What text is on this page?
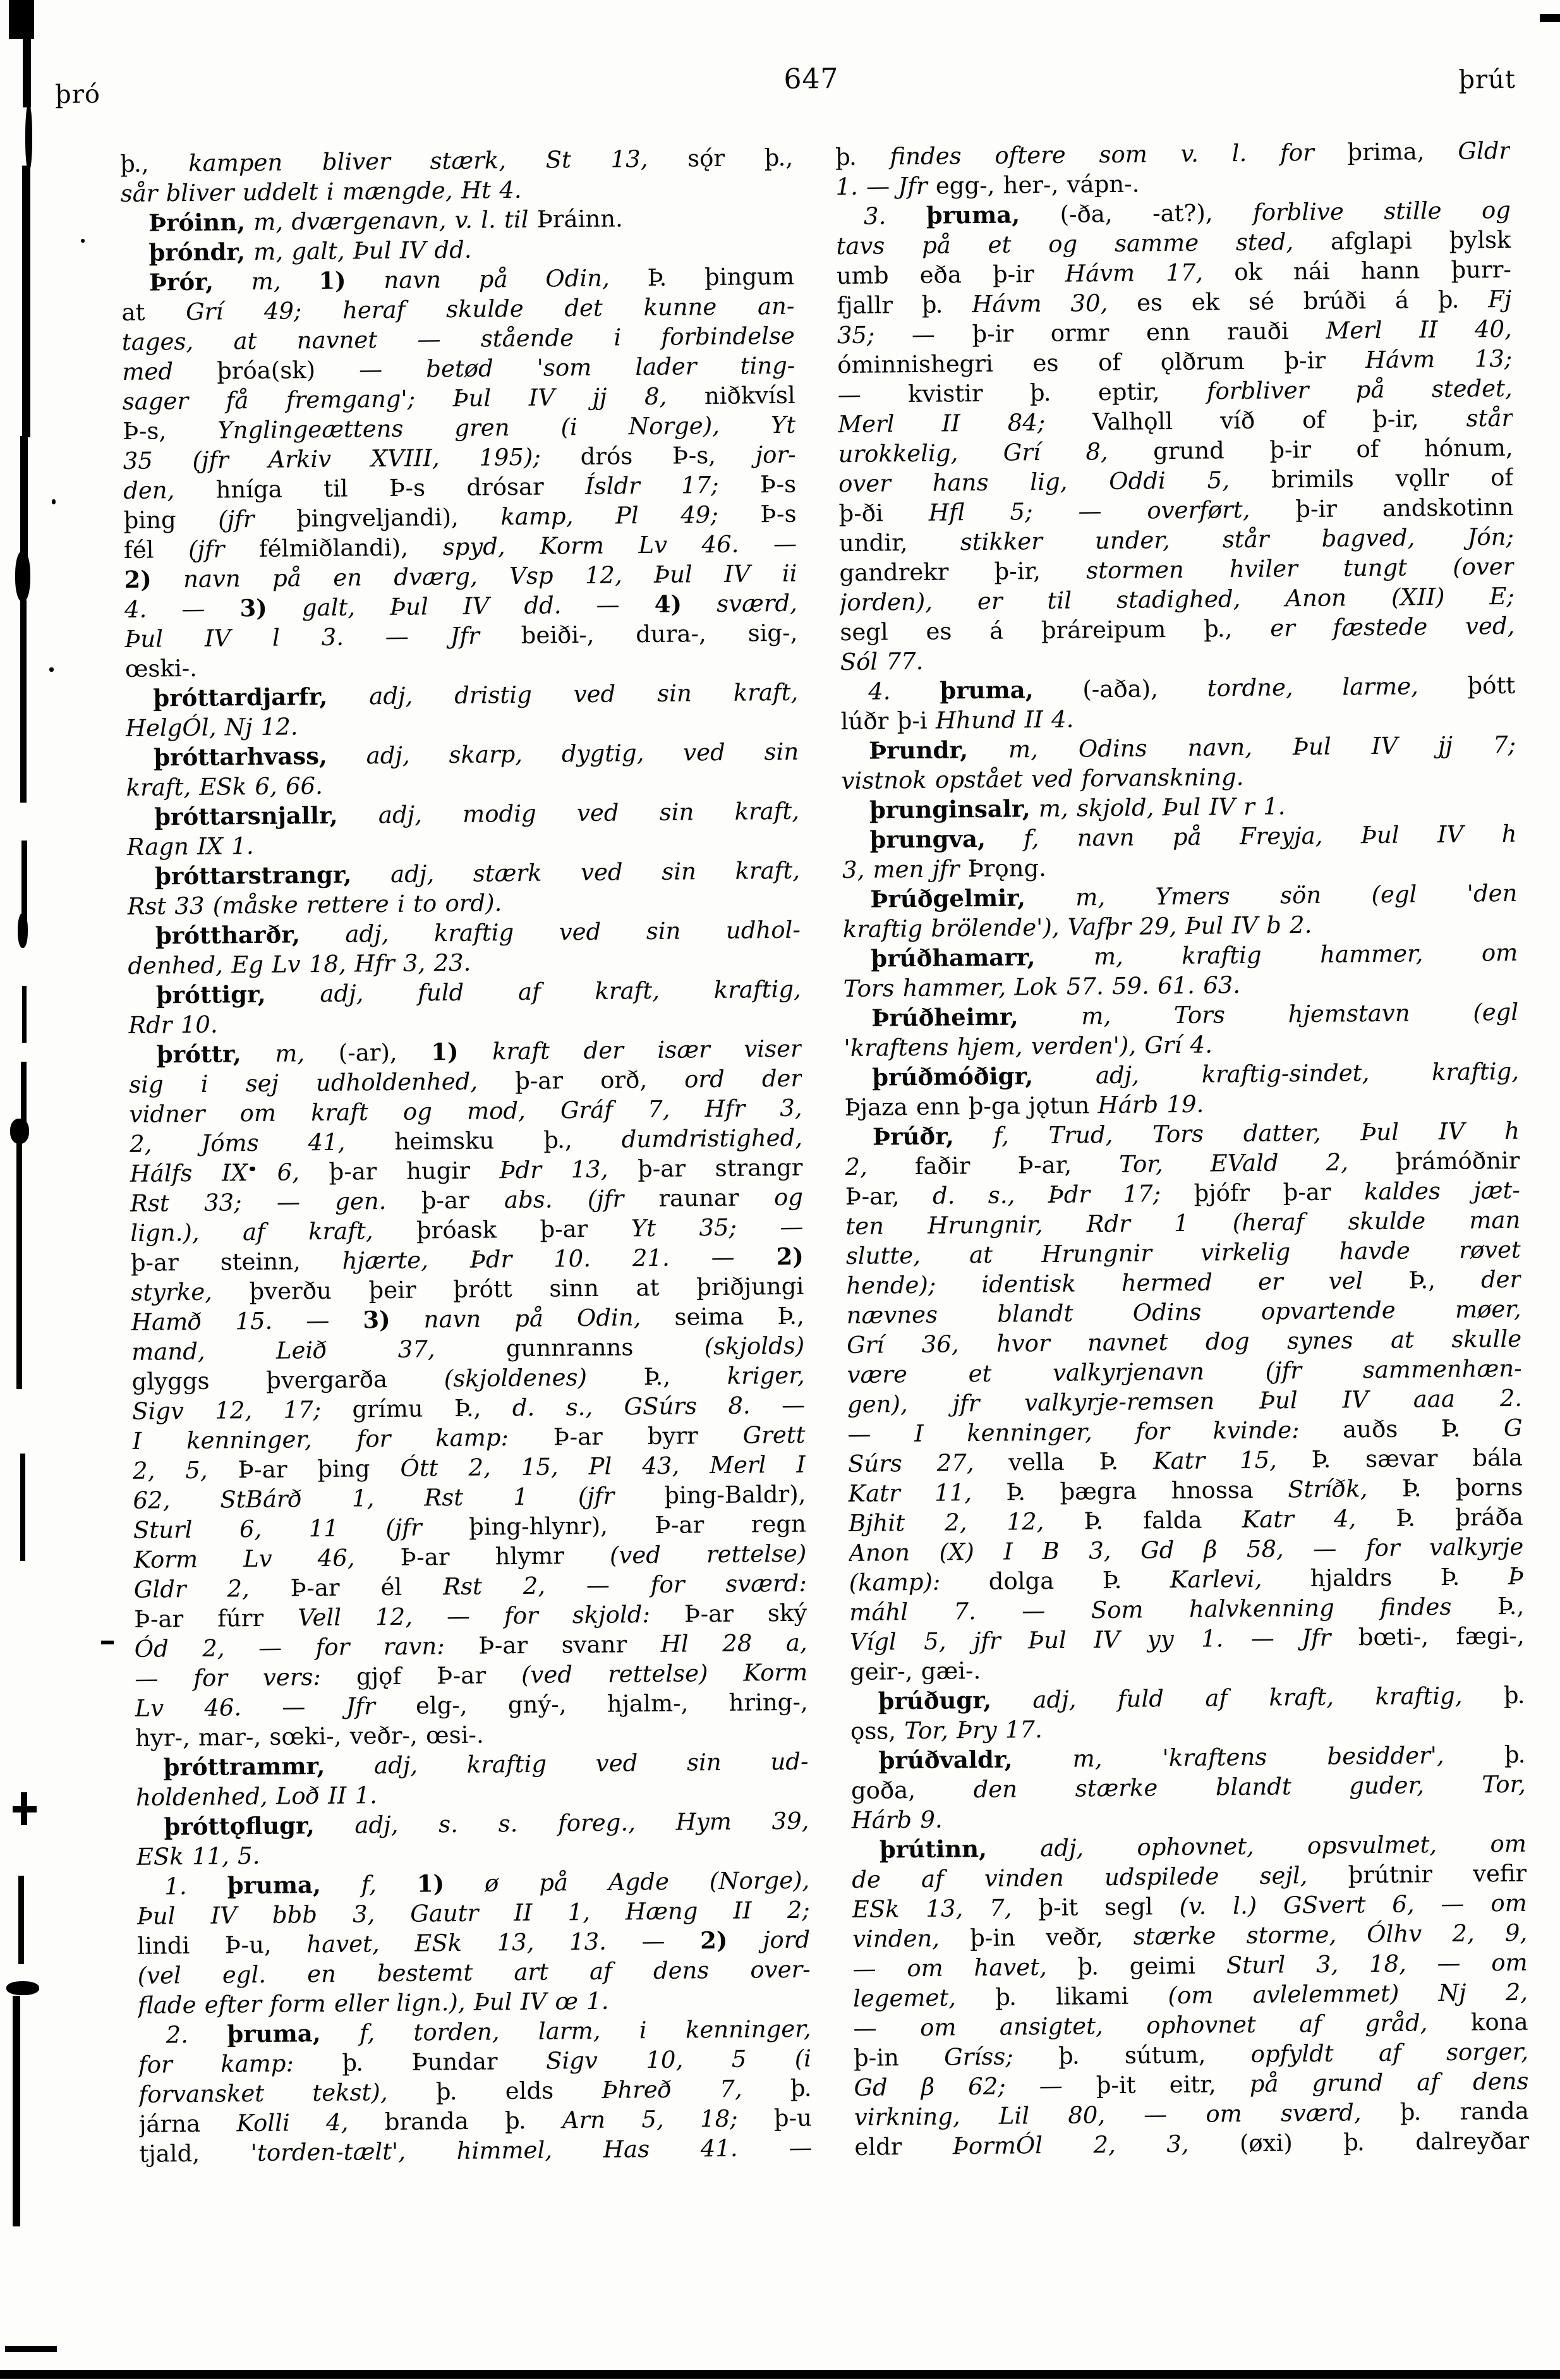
þró	647	þrút
þ., kampen bliver stærk, St 13, sǫ́r þ.,
sår bliver uddelt i mængde, Ht 4.
Þróinn, m, dværgenavn, v. l. til Þráinn.
þróndr, m, galt, Þul IV dd.
Þrór, m, 1) navn på Odin, Þ. þingum
at Grí 49; heraf skulde det kunne an-
tages, at navnet — stående i forbindelse
med þróa(sk) — betød 'som lader ting-
sager få fremgang'; Þul IV jj 8, niðkvísl
Þ-s, Ynglingeættens gren (i Norge), Yt
35 (jfr Arkiv XVIII, 195); drós Þ-s, jor-
den, hníga til Þ-s drósar Ísldr 17; Þ-s
þing (jfr þingveljandi), kamp, Pl 49; Þ-s
fél (jfr félmiðlandi), spyd, Korm Lv 46. —
2) navn på en dværg, Vsp 12, Þul IV ii
4. — 3) galt, Þul IV dd. — 4) sværd,
Þul IV l 3. — Jfr beiði-, dura-, sig-,
œski-.
þróttardjarfr, adj, dristig ved sin kraft,
HelgÓl, Nj 12.
þróttarhvass, adj, skarp, dygtig, ved sin
kraft, ESk 6, 66.
þróttarsnjallr, adj, modig ved sin kraft,
Ragn IX 1.
þróttarstrangr, adj, stærk ved sin kraft,
Rst 33 (måske rettere i to ord).
þróttharðr, adj, kraftig ved sin udhol-
denhed, Eg Lv 18, Hfr 3, 23.
þróttigr, adj, fuld af kraft, kraftig,
Rdr 10.
þróttr, m, (-ar), 1) kraft der især viser
sig i sej udholdenhed, þ-ar orð, ord der
vidner om kraft og mod, Gráf 7, Hfr 3,
2, Jóms 41, heimsku þ., dumdristighed,
Hálfs IX 6, þ-ar hugir Þdr 13, þ-ar strangr
Rst 33; — gen. þ-ar abs. (jfr raunar og
lign.), af kraft, þróask þ-ar Yt 35; —
þ-ar steinn, hjærte, Þdr 10. 21. — 2)
styrke, þverðu þeir þrótt sinn at þriðjungi
Hamð 15. — 3) navn på Odin, seima Þ.,
mand, Leið 37, gunnranns (skjolds)
glyggs þvergarða (skjoldenes) Þ., kriger,
Sigv 12, 17; grímu Þ., d. s., GSúrs 8. —
I kenninger, for kamp: Þ-ar byrr Grett
2, 5, Þ-ar þing Ótt 2, 15, Pl 43, Merl I
62, StBárð 1, Rst 1 (jfr þing-Baldr),
Sturl 6, 11 (jfr þing-hlynr), Þ-ar regn
Korm Lv 46, Þ-ar hlymr (ved rettelse)
Gldr 2, Þ-ar él Rst 2, — for sværd:
Þ-ar fúrr Vell 12, — for skjold: Þ-ar ský
Ód 2, — for ravn: Þ-ar svanr Hl 28 a,
— for vers: gjǫf Þ-ar (ved rettelse) Korm
Lv 46. — Jfr elg-, gný-, hjalm-, hring-,
hyr-, mar-, sœki-, veðr-, œsi-.
þróttrammr, adj, kraftig ved sin ud-
holdenhed, Loð II 1.
þróttǫflugr, adj, s. s. foreg., Hym 39,
ESk 11, 5.
1. þruma, f, 1) ø på Agde (Norge),
Þul IV bbb 3, Gautr II 1, Hæng II 2;
lindi Þ-u, havet, ESk 13, 13. — 2) jord
(vel egl. en bestemt art af dens over-
flade efter form eller lign.), Þul IV œ 1.
2. þruma, f, torden, larm, i kenninger,
for kamp: þ. Þundar Sigv 10, 5 (i
forvansket tekst), þ. elds Þhreð 7, þ.
járna Kolli 4, branda þ. Arn 5, 18; þ-u
tjald, 'torden-tælt', himmel, Has 41. —
þ. findes oftere som v. l. for þrima, Gldr
1. — Jfr egg-, her-, vápn-.
3. þruma, (-ða, -at?), forblive stille og
tavs på et og samme sted, afglapi þylsk
umb eða þ-ir Hávm 17, ok nái hann þurr-
fjallr þ. Hávm 30, es ek sé brúði á þ. Fj
35; — þ-ir ormr enn rauði Merl II 40,
óminnishegri es of ǫlðrum þ-ir Hávm 13;
— kvistir þ. eptir, forbliver på stedet,
Merl II 84; Valhǫll víð of þ-ir, står
urokkelig, Grí 8, grund þ-ir of hónum,
over hans lig, Oddi 5, brimils vǫllr of
þ-ði Hfl 5; — overført, þ-ir andskotinn
undir, stikker under, står bagved, Jón;
gandrekr þ-ir, stormen hviler tungt (over
jorden), er til stadighed, Anon (XII) E;
segl es á þráreipum þ., er fæstede ved,
Sól 77.
4. þruma, (-aða), tordne, larme, þótt
lúðr þ-i Hhund II 4.
Þrundr, m, Odins navn, Þul IV jj 7;
vistnok opstået ved forvanskning.
þrunginsalr, m, skjold, Þul IV r 1.
þrungva, f, navn på Freyja, Þul IV h
3, men jfr Þrǫng.
Þrúðgelmir, m, Ymers sön (egl 'den
kraftig brölende'), Vafþr 29, Þul IV b 2.
þrúðhamarr, m, kraftig hammer, om
Tors hammer, Lok 57. 59. 61. 63.
Þrúðheimr,	m, Tors hjemstavn (egl
'kraftens hjem, verden'), Grí 4.
þrúðmóðigr,	adj, kraftig-sindet, kraftig,
Þjaza enn þ-ga jǫtun Hárb 19.
Þrúðr, f, Trud, Tors datter, Þul IV h
2, faðir Þ-ar, Tor, EVald 2, þrámóðnir
Þ-ar, d. s., Þdr 17; þjófr þ-ar kaldes jæt-
ten Hrungnir, Rdr 1 (heraf skulde man
slutte, at Hrungnir virkelig havde røvet
hende); identisk hermed er vel Þ., der
nævnes blandt Odins opvartende møer,
Grí 36, hvor navnet dog synes at skulle
være et valkyrjenavn (jfr sammenhæn-
gen), jfr valkyrje-remsen Þul IV aaa 2.
— I kenninger, for kvinde: auðs Þ. G
Súrs 27, vella Þ. Katr 15, Þ. sævar bála
Katr 11, Þ. þægra hnossa Stríðk, Þ. þorns
Bjhit 2, 12, Þ. falda Katr 4, Þ. þráða
Anon (X) I B 3, Gd β 58, — for valkyrje
(kamp): dolga Þ. Karlevi, hjaldrs Þ. Þ
máhl 7. — Som halvkenning findes Þ.,
Vígl 5, jfr Þul IV yy 1. — Jfr bœti-, fægi-,
geir-, gæi-.
þrúðugr, adj, fuld af kraft, kraftig, þ.
ǫss, Tor, Þry 17.
þrúðvaldr,	m, 'kraftens besidder', þ.
goða, den stærke blandt guder, Tor,
Hárb 9.
þrútinn, adj, ophovnet, opsvulmet, om
de af vinden udspilede sejl, þrútnir vefir
ESk 13, 7, þ-it segl (v. l.) GSvert 6, — om
vinden, þ-in veðr, stærke storme, Ólhv 2, 9,
— om havet, þ. geimi Sturl 3, 18, — om
legemet, þ. likami (om avlelemmet) Nj 2,
— om ansigtet, ophovnet af gråd, kona
þ-in Gríss; þ. sútum, opfyldt af sorger,
Gd β 62; — þ-it eitr, på grund af dens
virkning, Lil 80, — om sværd, þ. randa
eldr ÞormÓl 2, 3, (øxi) þ. dalreyðar
